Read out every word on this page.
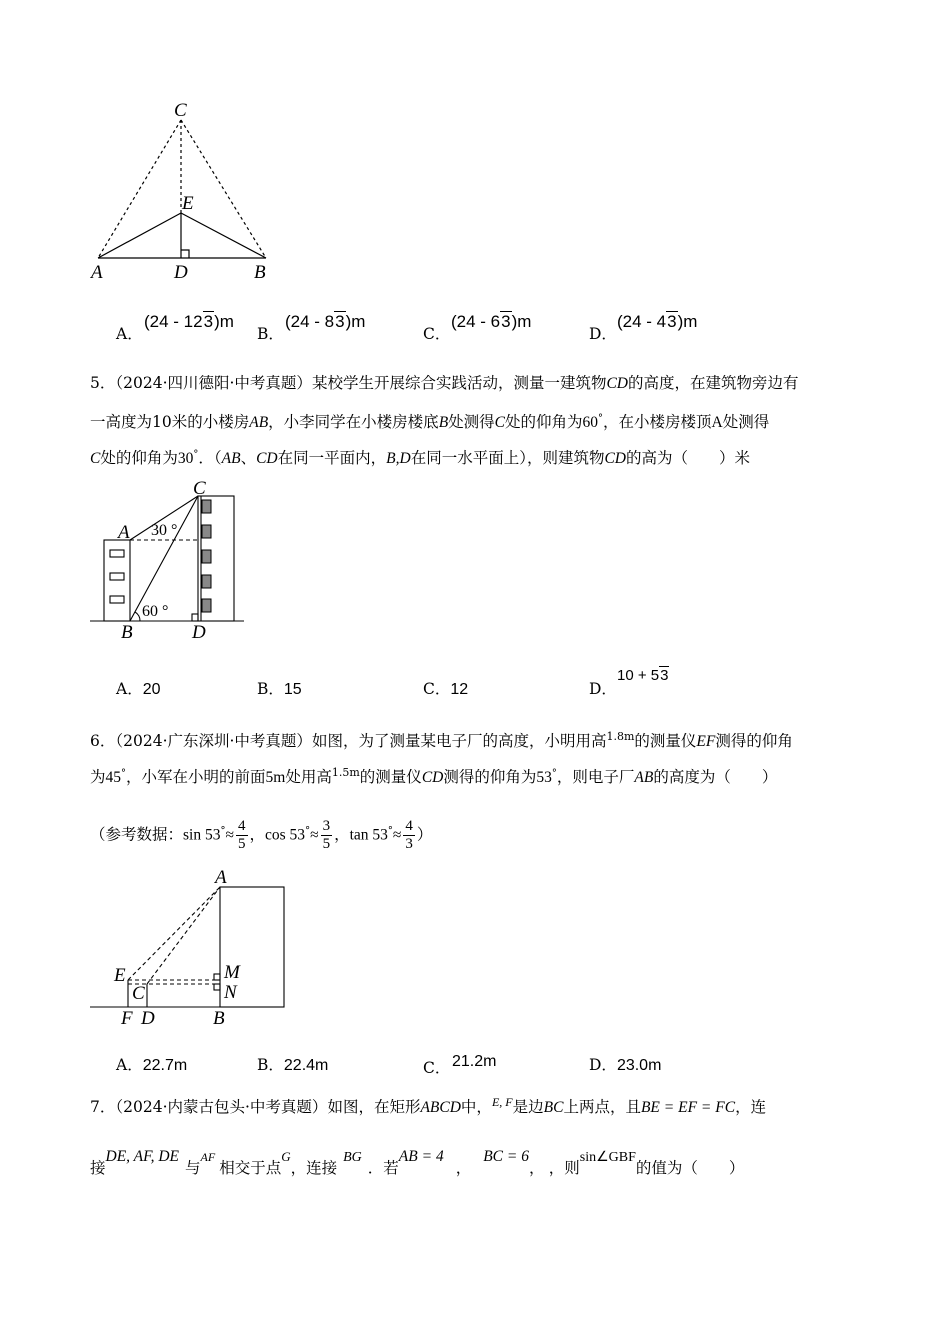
C
E
A	D	B
A．
(24 - 123)m
B．
(24 - 83)m
C．
(24 - 63)m
D．
(24 - 43)m
5．（2024·四川德阳·中考真题）某校学生开展综合实践活动，测量一建筑物CD的高度，在建筑物旁边有
一高度为10米的小楼房AB，小李同学在小楼房楼底B处测得C处的仰角为60°，在小楼房楼顶A处测得
C处的仰角为30°．（AB、CD在同一平面内，B,D在同一水平面上），则建筑物CD的高为（　　）米
C
A
B	D
30 °
60 °
A．20	B．15	C．12	D．
10 + 53
6．（2024·广东深圳·中考真题）如图，为了测量某电子厂的高度，小明用高$^{1.8m}$的测量仪EF测得的仰角
为45°，小军在小明的前面5m处用高$^{1.5m}$的测量仪CD测得的仰角为53°，则电子厂AB的高度为（　　）
（参考数据：$\sin 53^\circ\approx \frac{4}{5}$ ，$\cos 53^\circ\approx \frac{3}{5}$ ，$\tan 53^\circ\approx \frac{4}{3}$ ）
A
E	M
N
C
F D	B
A．22.7m	B．22.4m	C． 21.2m	D．23.0m
7．（2024·内蒙古包头·中考真题）如图，在矩形ABCD中，$^{E, F}$是边BC上两点，且BE = EF = FC，连
接DE, AF, DE与$^{AF}$相交于点$^G$，连接BG．若AB = 4，BC = 6， ，则sin∠GBF的值为（　　）
